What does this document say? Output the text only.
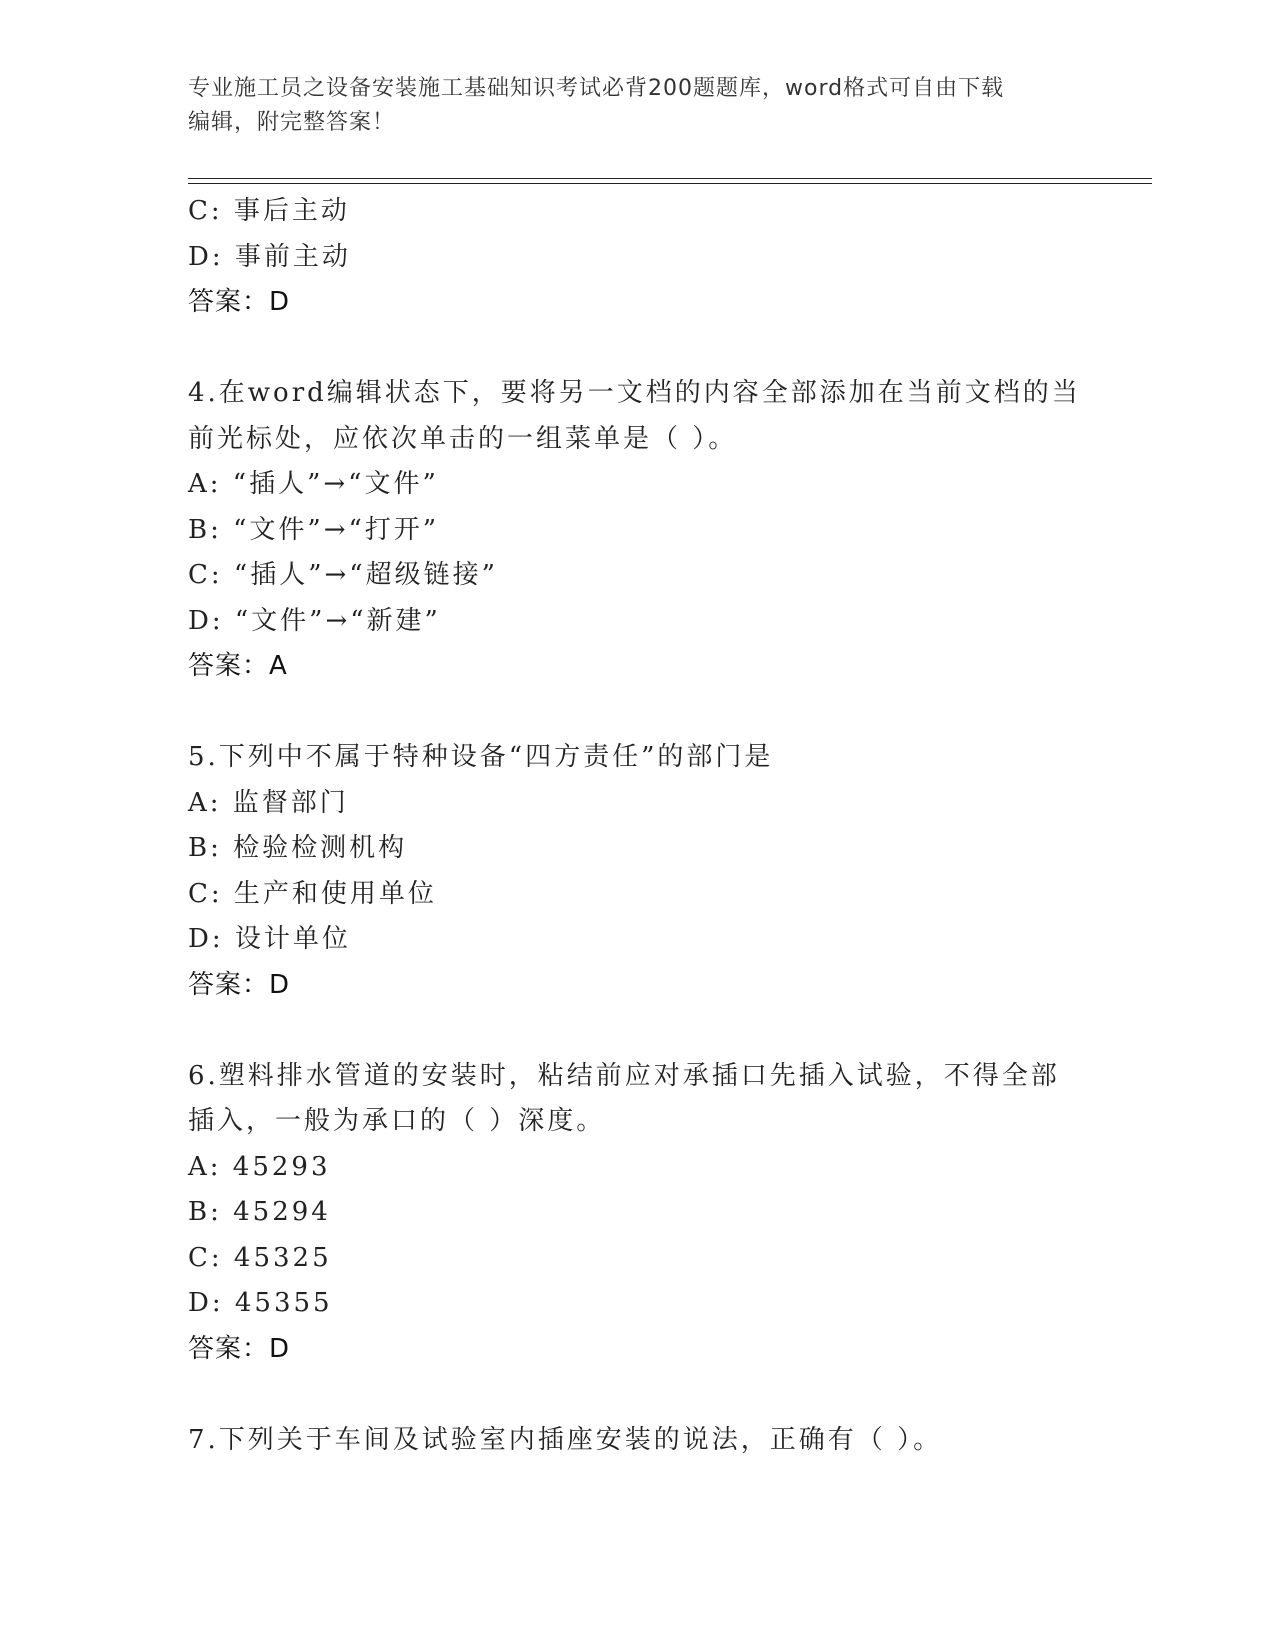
专业施工员之设备安装施工基础知识考试必背200题题库，word格式可自由下载
编辑，附完整答案！
C: 事后主动
D: 事前主动
答案：D
4.在word编辑状态下，要将另一文档的内容全部添加在当前文档的当
前光标处，应依次单击的一组菜单是（ ）。
A: “插人”→“文件”
B: “文件”→“打开”
C: “插人”→“超级链接”
D: “文件”→“新建”
答案：A
5.下列中不属于特种设备“四方责任”的部门是
A: 监督部门
B: 检验检测机构
C: 生产和使用单位
D: 设计单位
答案：D
6.塑料排水管道的安装时，粘结前应对承插口先插入试验，不得全部
插入，一般为承口的（ ）深度。
A: 45293
B: 45294
C: 45325
D: 45355
答案：D
7.下列关于车间及试验室内插座安装的说法，正确有（ ）。
